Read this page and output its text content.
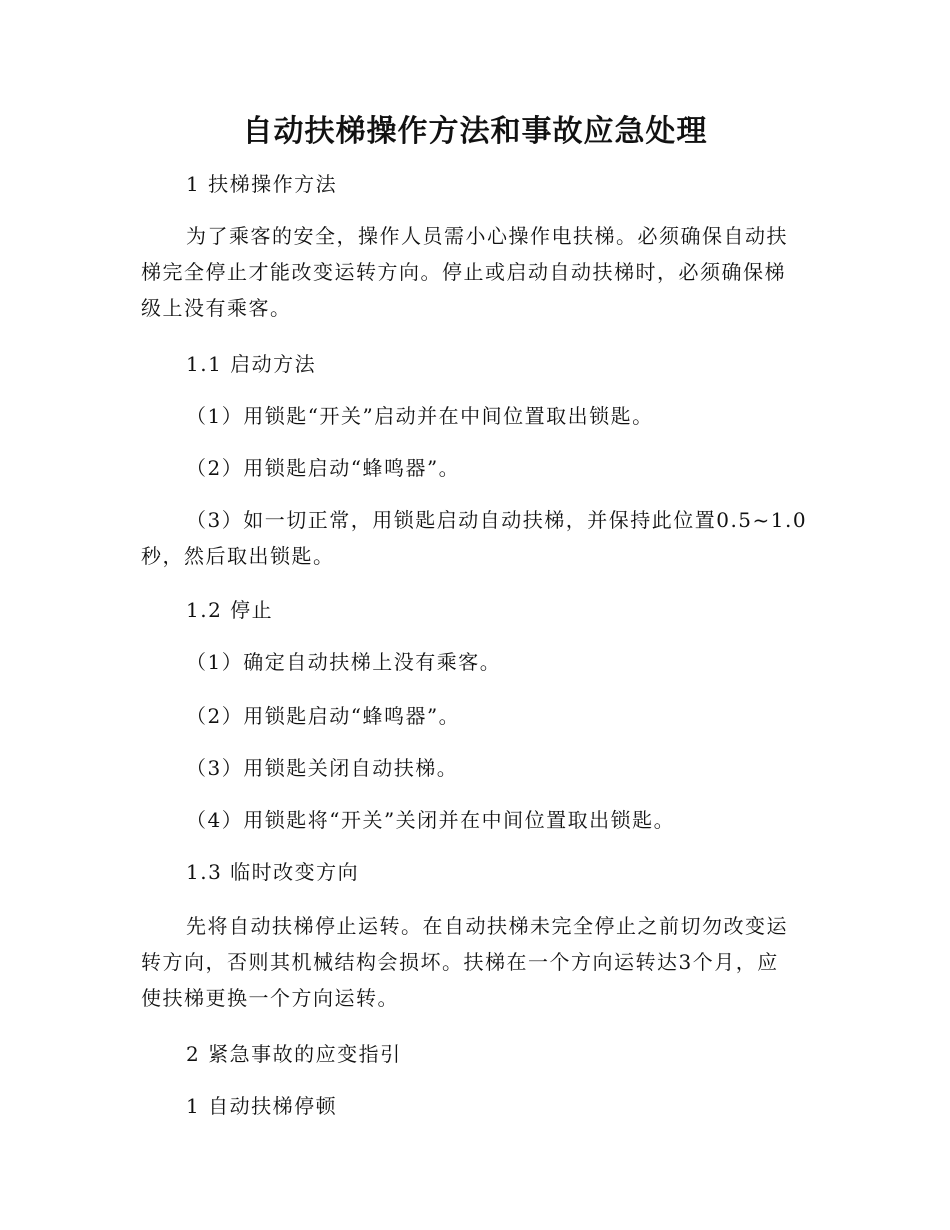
自动扶梯操作方法和事故应急处理
1 扶梯操作方法
为了乘客的安全，操作人员需小心操作电扶梯。必须确保自动扶
梯完全停止才能改变运转方向。停止或启动自动扶梯时，必须确保梯
级上没有乘客。
1.1 启动方法
（1）用锁匙“开关”启动并在中间位置取出锁匙。
（2）用锁匙启动“蜂鸣器”。
（3）如一切正常，用锁匙启动自动扶梯，并保持此位置0.5~1.0
秒，然后取出锁匙。
1.2 停止
（1）确定自动扶梯上没有乘客。
（2）用锁匙启动“蜂鸣器”。
（3）用锁匙关闭自动扶梯。
（4）用锁匙将“开关”关闭并在中间位置取出锁匙。
1.3 临时改变方向
先将自动扶梯停止运转。在自动扶梯未完全停止之前切勿改变运
转方向，否则其机械结构会损坏。扶梯在一个方向运转达3个月，应
使扶梯更换一个方向运转。
2 紧急事故的应变指引
1 自动扶梯停顿
